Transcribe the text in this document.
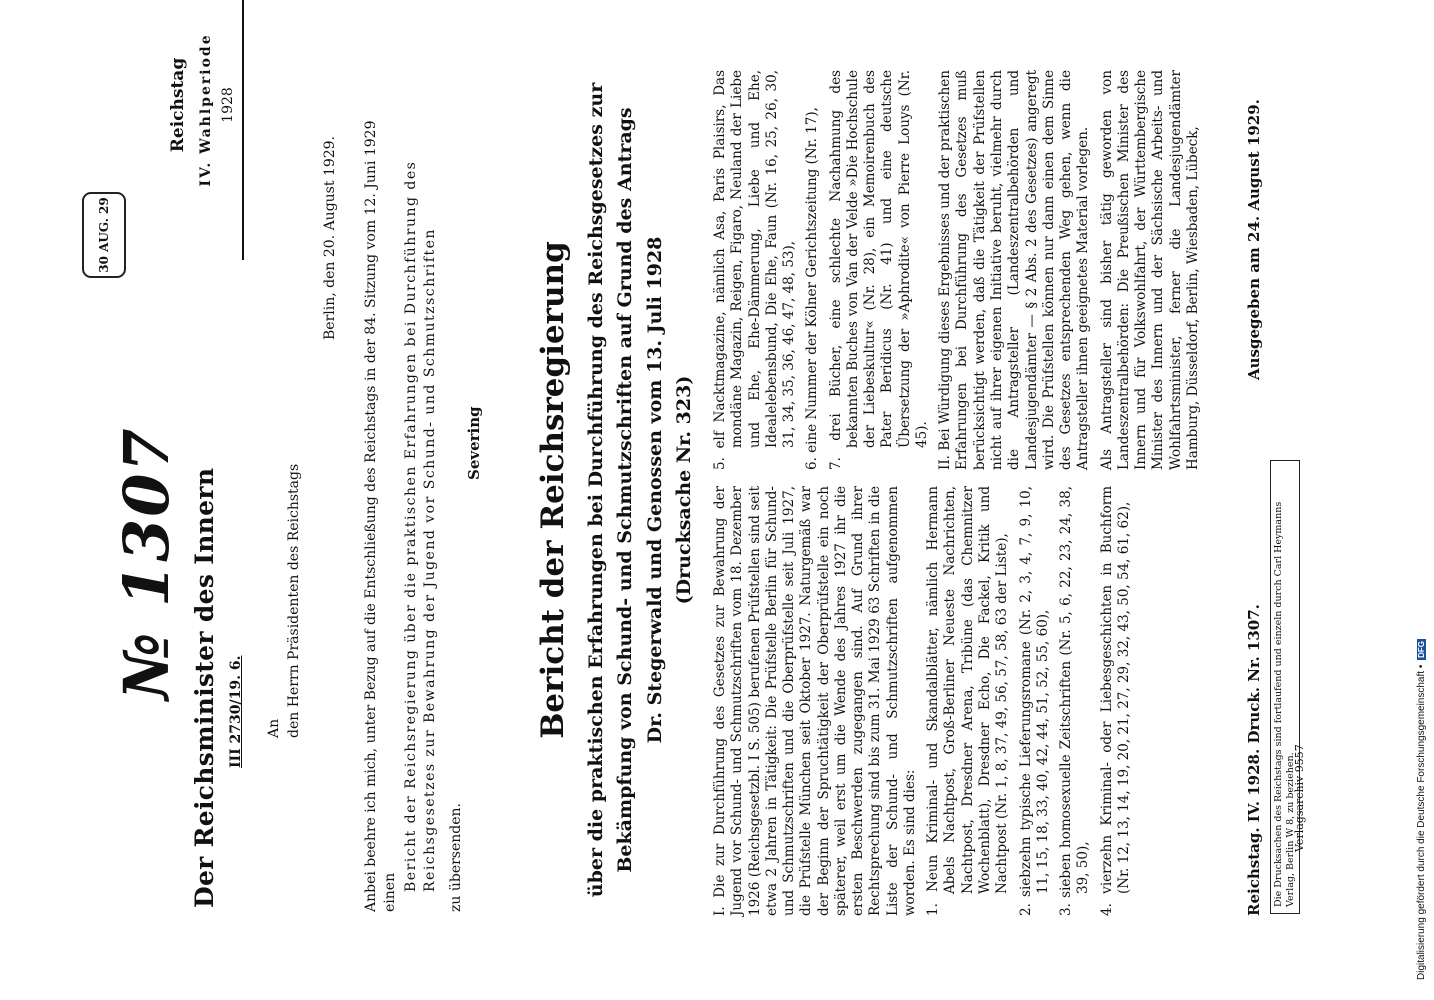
Der Reichsminister des Innern III 2730/19. 6. An den Herrn Präsidenten des Reichstags
№ 1307
30 AUG. 29
Reichstag IV. Wahlperiode 1928
Berlin, den 20. August 1929. Anbei beehre ich mich, unter Bezug auf die Entschließung des Reichstags in der 84. Sitzung vom 12. Juni 1929 einen
Bericht der Reichsregierung über die praktischen Erfahrungen bei Durchführung des Reichsgesetzes zur Bewahrung der Jugend vor Schund- und Schmutzschriften zu übersenden.
Severing Bericht der Reichsregierung über die praktischen Erfahrungen bei Durchführung des Reichsgesetzes zur Bekämpfung von Schund- und Schmutzschriften auf Grund des Antrags Dr. Stegerwald und Genossen vom 13. Juli 1928 (Drucksache Nr. 323)	I. Die zur Durchführung des Gesetzes zur Bewahrung der Jugend vor Schund- und Schmutzschriften vom 18. Dezember 1926 (Reichsgesetzbl. I S. 505) berufenen Prüfstellen sind seit etwa 2 Jahren in Tätigkeit: Die Prüfstelle Berlin für Schund- und Schmutzschriften und die Oberprüfstelle seit Juli 1927, die Prüfstelle München seit Oktober 1927. Naturgemäß war der Beginn der Spruchtätigkeit der Oberprüfstelle ein noch späterer, weil erst um die Wende des Jahres 1927 ihr die ersten Beschwerden zugegangen sind. Auf Grund ihrer Rechtsprechung sind bis zum 31. Mai 1929 63 Schriften in die Liste der Schund- und Schmutzschriften aufgenommen worden. Es sind dies: 1. Neun Kriminal- und Skandalblätter, nämlich Hermann Abels Nachtpost, Groß-Berliner Neueste Nachrichten, Nachtpost, Dresdner Arena, Tribüne (das Chemnitzer Wochenblatt), Dresdner Echo, Die Fackel, Kritik und Nachtpost (Nr. 1, 8, 37, 49, 56, 57, 58, 63 der Liste), 2. siebzehn typische Lieferungsromane (Nr. 2, 3, 4, 7, 9, 10, 11, 15, 18, 33, 40, 42, 44, 51, 52, 55, 60), 3. sieben homosexuelle Zeitschriften (Nr. 5, 6, 22, 23, 24, 38, 39, 50), 4. vierzehn Kriminal- oder Liebesgeschichten in Buchform (Nr. 12, 13, 14, 19, 20, 21, 27, 29, 32, 43, 50, 54, 61, 62),

5. elf Nacktmagazine, nämlich Asa, Paris Plaisirs, Das mondäne Magazin, Reigen, Figaro, Neuland der Liebe und Ehe, Ehe-Dämmerung, Liebe und Ehe, Idealelebensbund, Die Ehe, Faun (Nr. 16, 25, 26, 30, 31, 34, 35, 36, 46, 47, 48, 53), 6. eine Nummer der Kölner Gerichtszeitung (Nr. 17), 7. drei Bücher, eine schlechte Nachahmung des bekannten Buches von Van der Velde »Die Hochschule der Liebeskultur« (Nr. 28), ein Memoirenbuch des Pater Beridicus (Nr. 41) und eine deutsche Übersetzung der »Aphrodite« von Pierre Louys (Nr. 45). II. Bei Würdigung dieses Ergebnisses und der praktischen Erfahrungen bei Durchführung des Gesetzes muß berücksichtigt werden, daß die Tätigkeit der Prüfstellen nicht auf ihrer eigenen Initiative beruht, vielmehr durch die Antragsteller (Landeszentralbehörden und Landesjugendämter — § 2 Abs. 2 des Gesetzes) angeregt wird. Die Prüfstellen können nur dann einen dem Sinne des Gesetzes entsprechenden Weg gehen, wenn die Antragsteller ihnen geeignetes Material vorlegen. Als Antragsteller sind bisher tätig geworden von Landeszentralbehörden: Die Preußischen Minister des Innern und für Volkswohlfahrt, der Württembergische Minister des Innern und der Sächsische Arbeits- und Wohlfahrtsminister, ferner die Landesjugendämter Hamburg, Düsseldorf, Berlin, Wiesbaden, Lübeck,

Reichstag. IV. 1928. Druck. Nr. 1307.
Ausgegeben am 24. August 1929.
Die Drucksachen des Reichstags sind fortlaufend und einzeln durch Carl Heymanns Verlag, Berlin W 8, zu beziehen.
Verlagsarchiv 9557	Digitalisierung gefördert durch die Deutsche Forschungsgemeinschaft • DFG
